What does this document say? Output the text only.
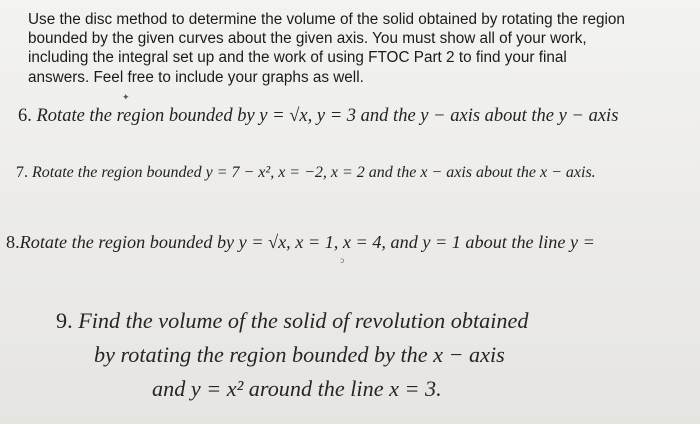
Use the disc method to determine the volume of the solid obtained by rotating the region
bounded by the given curves about the given axis. You must show all of your work,
including the integral set up and the work of using FTOC Part 2 to find your final
answers. Feel free to include your graphs as well.
✦
6. Rotate the region bounded by y = √x, y = 3 and the y − axis about the y − axis
7. Rotate the region bounded y = 7 − x², x = −2, x = 2 and the x − axis about the x − axis.
8.Rotate the region bounded by y = √x, x = 1, x = 4, and y = 1 about the line y =
ɔ
9. Find the volume of the solid of revolution obtained
by rotating the region bounded by the x − axis
and y = x² around the line x = 3.
